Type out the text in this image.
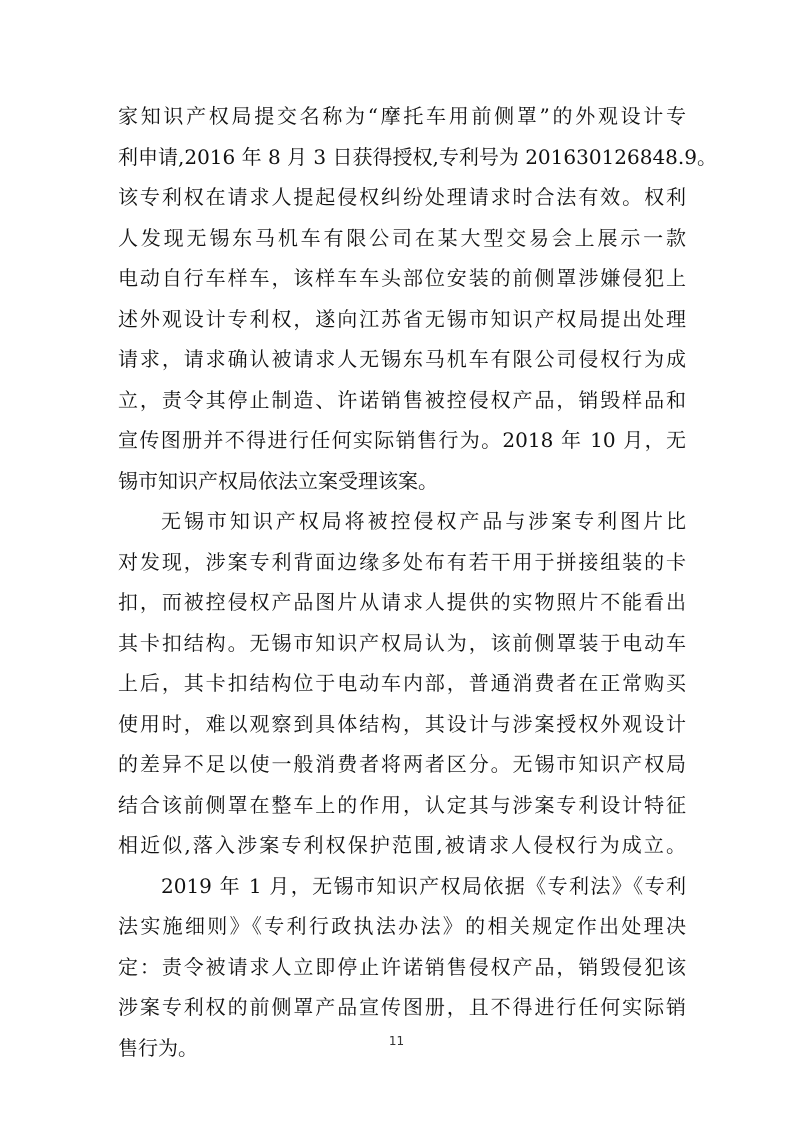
家知识产权局提交名称为“摩托车用前侧罩”的外观设计专
利申请,2016 年 8 月 3 日获得授权,专利号为 201630126848.9。
该专利权在请求人提起侵权纠纷处理请求时合法有效。权利
人发现无锡东马机车有限公司在某大型交易会上展示一款
电动自行车样车，该样车车头部位安装的前侧罩涉嫌侵犯上
述外观设计专利权，遂向江苏省无锡市知识产权局提出处理
请求，请求确认被请求人无锡东马机车有限公司侵权行为成
立，责令其停止制造、许诺销售被控侵权产品，销毁样品和
宣传图册并不得进行任何实际销售行为。2018 年 10 月，无
锡市知识产权局依法立案受理该案。
无锡市知识产权局将被控侵权产品与涉案专利图片比
对发现，涉案专利背面边缘多处布有若干用于拼接组装的卡
扣，而被控侵权产品图片从请求人提供的实物照片不能看出
其卡扣结构。无锡市知识产权局认为，该前侧罩装于电动车
上后，其卡扣结构位于电动车内部，普通消费者在正常购买
使用时，难以观察到具体结构，其设计与涉案授权外观设计
的差异不足以使一般消费者将两者区分。无锡市知识产权局
结合该前侧罩在整车上的作用，认定其与涉案专利设计特征
相近似,落入涉案专利权保护范围,被请求人侵权行为成立。
2019 年 1 月，无锡市知识产权局依据《专利法》《专利
法实施细则》《专利行政执法办法》的相关规定作出处理决
定：责令被请求人立即停止许诺销售侵权产品，销毁侵犯该
涉案专利权的前侧罩产品宣传图册，且不得进行任何实际销
售行为。	11
